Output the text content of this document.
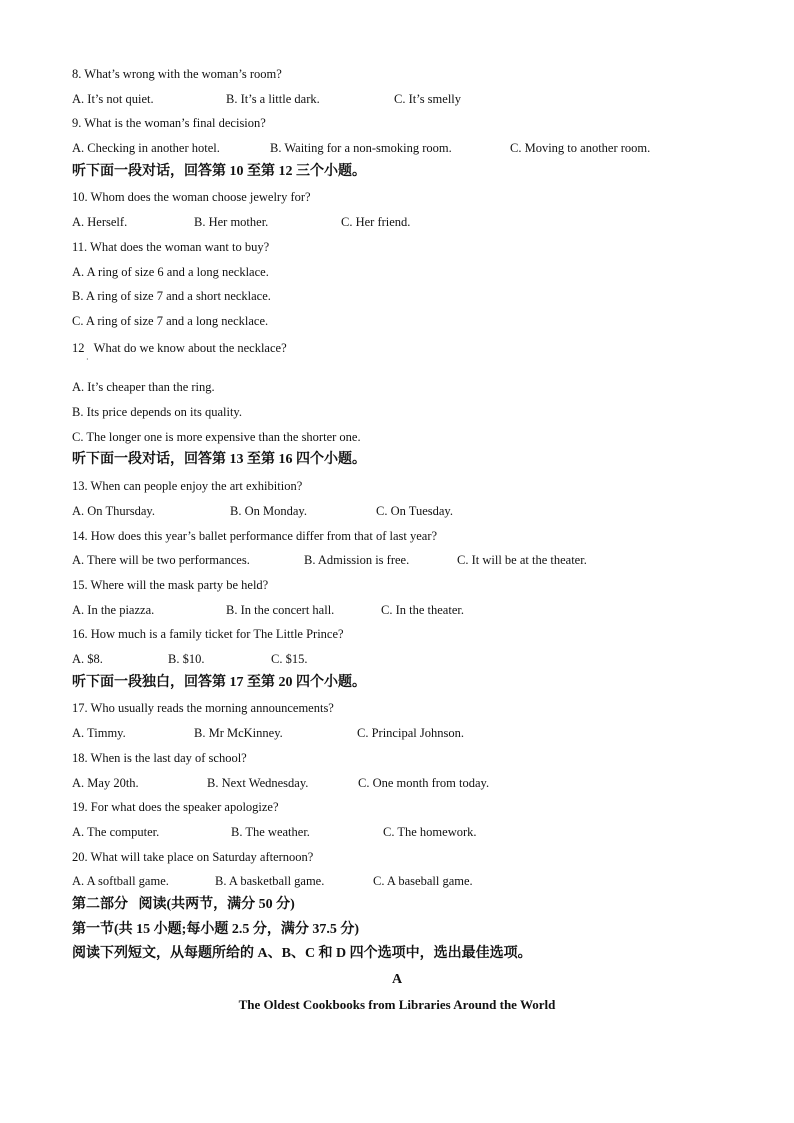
8. What’s wrong with the woman’s room?
A. It’s not quiet.	B. It’s a little dark.	C. It’s smelly
9. What is the woman’s final decision?
A. Checking in another hotel.	B. Waiting for a non-smoking room.	C. Moving to another room.
听下面一段对话，回答第 10 至第 12 三个小题。
10. Whom does the woman choose jewelry for?
A. Herself.	B. Her mother.	C. Her friend.
11. What does the woman want to buy?
A. A ring of size 6 and a long necklace.
B. A ring of size 7 and a short necklace.
C. A ring of size 7 and a long necklace.
12   What do we know about the necklace?
·
A. It’s cheaper than the ring.
B. Its price depends on its quality.
C. The longer one is more expensive than the shorter one.
听下面一段对话，回答第 13 至第 16 四个小题。
13. When can people enjoy the art exhibition?
A. On Thursday.	B. On Monday.	C. On Tuesday.
14. How does this year’s ballet performance differ from that of last year?
A. There will be two performances.	B. Admission is free.	C. It will be at the theater.
15. Where will the mask party be held?
A. In the piazza.	B. In the concert hall.	C. In the theater.
16. How much is a family ticket for The Little Prince?
A. $8.	B. $10.	C. $15.
听下面一段独白，回答第 17 至第 20 四个小题。
17. Who usually reads the morning announcements?
A. Timmy.	B. Mr McKinney.	C. Principal Johnson.
18. When is the last day of school?
A. May 20th.	B. Next Wednesday.	C. One month from today.
19. For what does the speaker apologize?
A. The computer.	B. The weather.	C. The homework.
20. What will take place on Saturday afternoon?
A. A softball game.	B. A basketball game.	C. A baseball game.
第二部分   阅读(共两节，满分 50 分)
第一节(共 15 小题;每小题 2.5 分，满分 37.5 分)
阅读下列短文，从每题所给的 A、B、C 和 D 四个选项中，选出最佳选项。
A
The Oldest Cookbooks from Libraries Around the World
